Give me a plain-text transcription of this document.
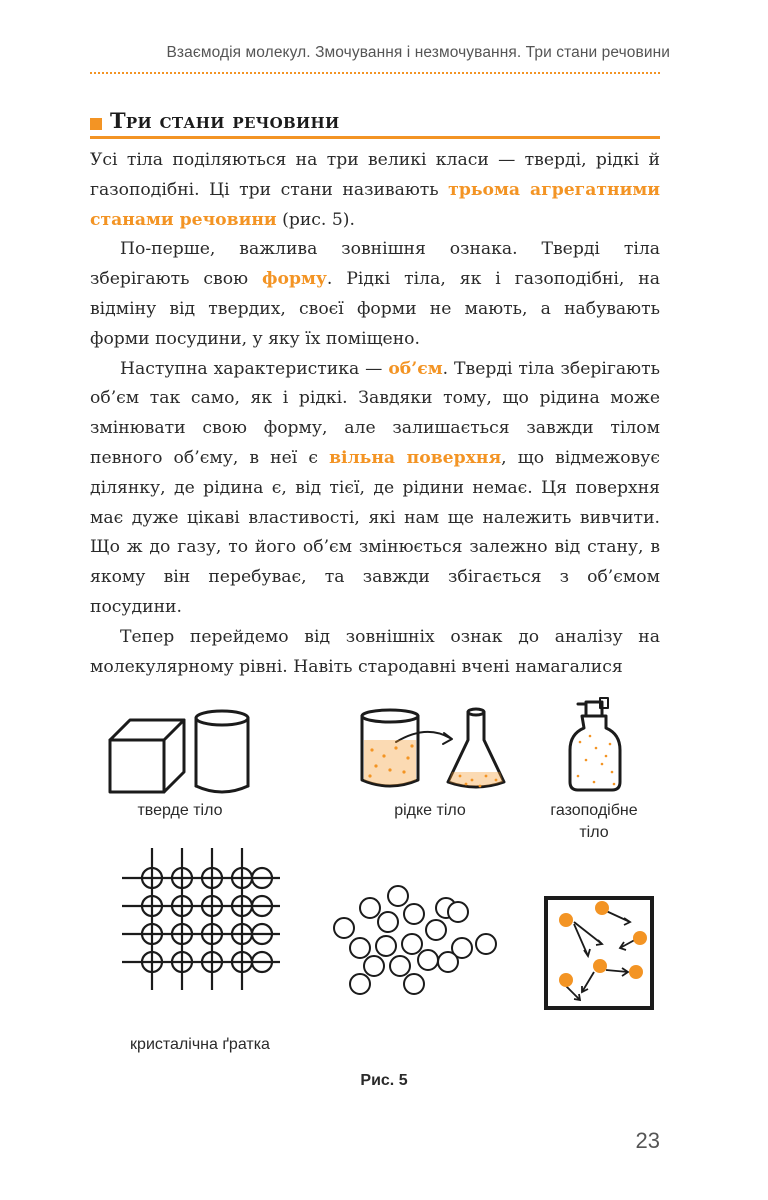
Взаємодія молекул. Змочування і незмочування. Три стани речовини
Три стани речовини

Усі тіла поділяються на три великі класи — тверді, рідкі й газоподібні. Ці три стани називають трьома агрегатними станами речовини (рис. 5).

По-перше, важлива зовнішня ознака. Тверді тіла зберігають свою форму. Рідкі тіла, як і газоподібні, на відміну від твердих, своєї форми не мають, а набувають форми посудини, у яку їх поміщено.

Наступна характеристика — об’єм. Тверді тіла зберігають об’єм так само, як і рідкі. Завдяки тому, що рідина може змінювати свою форму, але залишається завжди тілом певного об’єму, в неї є вільна поверхня, що відмежовує ділянку, де рідина є, від тієї, де рідини немає. Ця поверхня має дуже цікаві властивості, які нам ще належить вивчити. Що ж до газу, то його об’єм змінюється залежно від стану, в якому він перебуває, та завжди збігається з об’ємом посудини.

Тепер перейдемо від зовнішніх ознак до аналізу на молекулярному рівні. Навіть стародавні вчені намагалися

тверде тіло	рідке тіло	газоподібне
тіло
кристалічна ґратка
Рис. 5
23
